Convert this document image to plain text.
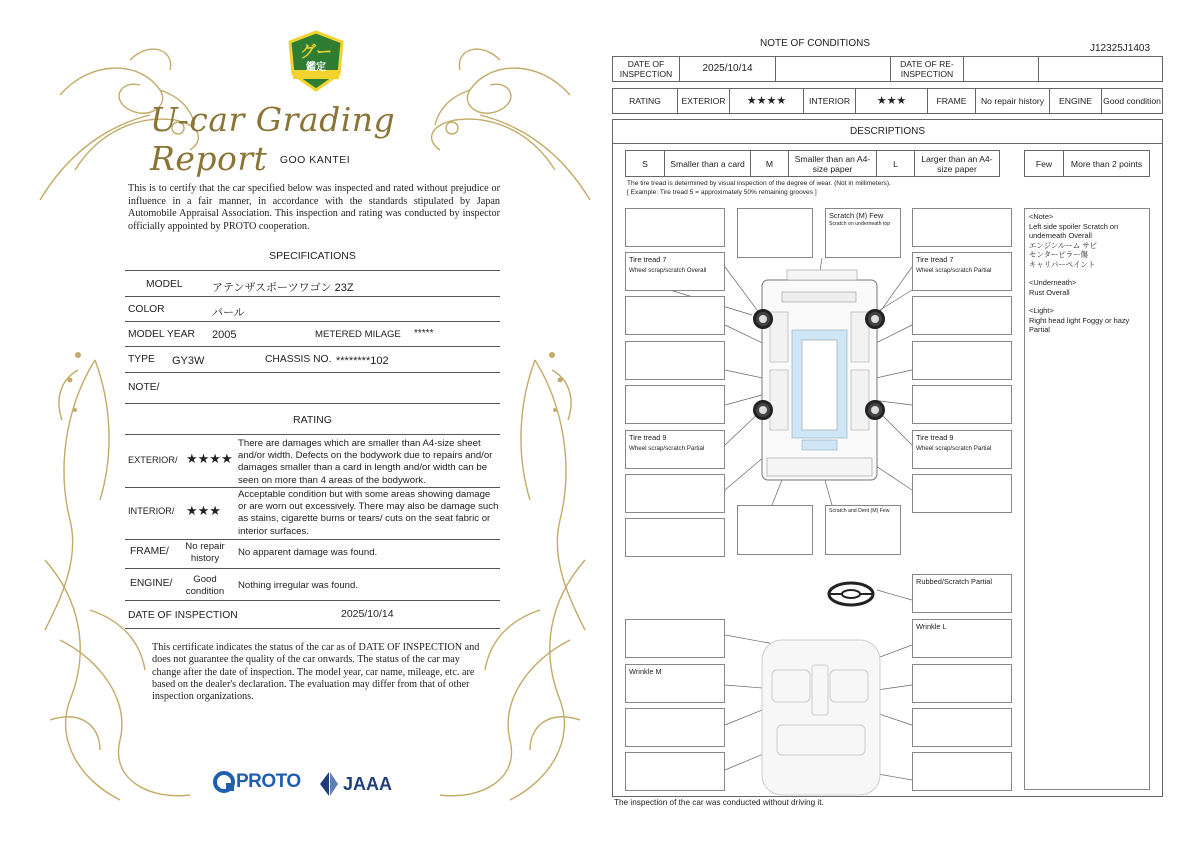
グー
鑑定
U-car Grading Report	GOO KANTEI
This is to certify that the car specified below was inspected and rated without prejudice or influence in a fair manner, in accordance with the standards stipulated by Japan Automobile Appraisal Association. This inspection and rating was conducted by inspector officially appointed by PROTO cooperation.
SPECIFICATIONS
MODEL	アテンザスポーツワゴン 23Z
COLOR	パール
MODEL YEAR 2005	METERED MILAGE *****
TYPE GY3W	CHASSIS NO. ********102
NOTE/
RATING
EXTERIOR/ ★★★★
There are damages which are smaller than A4-size sheet and/or width. Defects on the bodywork due to repairs and/or damages smaller than a card in length and/or width can be seen on more than 4 areas of the bodywork.
INTERIOR/ ★★★
Acceptable condition but with some areas showing damage or are worn out excessively. There may also be damage such as stains, cigarette burns or tears/ cuts on the seat fabric or interior surfaces.
FRAME/	No repair history
No apparent damage was found.
ENGINE/	Good condition
Nothing irregular was found.
DATE OF INSPECTION	2025/10/14
This certificate indicates the status of the car as of DATE OF INSPECTION and does not guarantee the quality of the car onwards. The status of the car may change after the date of inspection. The model year, car name, mileage, etc. are based on the dealer's declaration. The evaluation may differ from that of other inspection organizations.
PROTO JAAA
NOTE OF CONDITIONS	J12325J1403
DATE OF INSPECTION	2025/10/14	DATE OF RE-INSPECTION
RATING	EXTERIOR	★★★★	INTERIOR	★★★	FRAME	No repair history	ENGINE	Good condition
DESCRIPTIONS
S	Smaller than a card	M	Smaller than an A4-size paper	L	Larger than an A4-size paper	Few	More than 2 points
The tire tread is determined by visual inspection of the degree of wear. (Not in millimeters).
[ Example: Tire tread 5 = approximately 50% remaining grooves ]
Tire tread 7
Wheel scrap/scratch Overall
Tire tread 9
Wheel scrap/scratch Partial
Wrinkle M
Scratch (M) Few
Scratch on underneath top
Scratch and Dent (M) Few
Tire tread 7
Wheel scrap/scratch Partial
Tire tread 9
Wheel scrap/scratch Partial
Rubbed/Scratch Partial
Wrinkle L
<Note>
Left side spoiler Scratch on underneath Overall
エンジンルーム サビ
センターピラー傷
キャリパーペイント
<Underneath>
Rust Overall
<Light>
Right head light Foggy or hazy Partial
The inspection of the car was conducted without driving it.
